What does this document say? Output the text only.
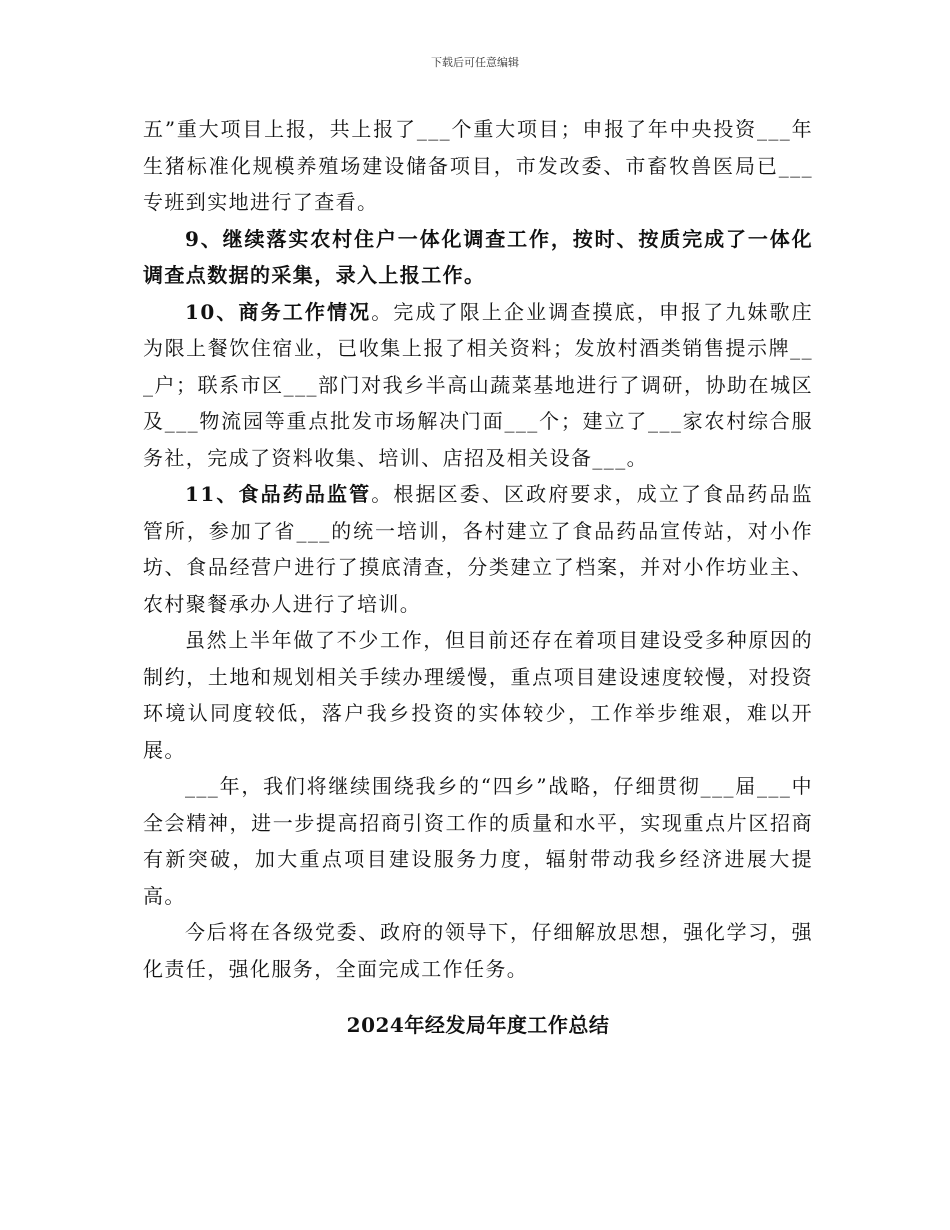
下载后可任意编辑

五”重大项目上报，共上报了___个重大项目；申报了年中央投资___年生猪标准化规模养殖场建设储备项目，市发改委、市畜牧兽医局已___专班到实地进行了查看。

9、继续落实农村住户一体化调查工作，按时、按质完成了一体化调查点数据的采集，录入上报工作。

10、商务工作情况。完成了限上企业调查摸底，申报了九妹歌庄为限上餐饮住宿业，已收集上报了相关资料；发放村酒类销售提示牌___户；联系市区___部门对我乡半高山蔬菜基地进行了调研，协助在城区及___物流园等重点批发市场解决门面___个；建立了___家农村综合服务社，完成了资料收集、培训、店招及相关设备___。

11、食品药品监管。根据区委、区政府要求，成立了食品药品监管所，参加了省___的统一培训，各村建立了食品药品宣传站，对小作坊、食品经营户进行了摸底清查，分类建立了档案，并对小作坊业主、农村聚餐承办人进行了培训。

虽然上半年做了不少工作，但目前还存在着项目建设受多种原因的制约，土地和规划相关手续办理缓慢，重点项目建设速度较慢，对投资环境认同度较低，落户我乡投资的实体较少，工作举步维艰，难以开展。

___年，我们将继续围绕我乡的“四乡”战略，仔细贯彻___届___中全会精神，进一步提高招商引资工作的质量和水平，实现重点片区招商有新突破，加大重点项目建设服务力度，辐射带动我乡经济进展大提高。

今后将在各级党委、政府的领导下，仔细解放思想，强化学习，强化责任，强化服务，全面完成工作任务。

2024年经发局年度工作总结
